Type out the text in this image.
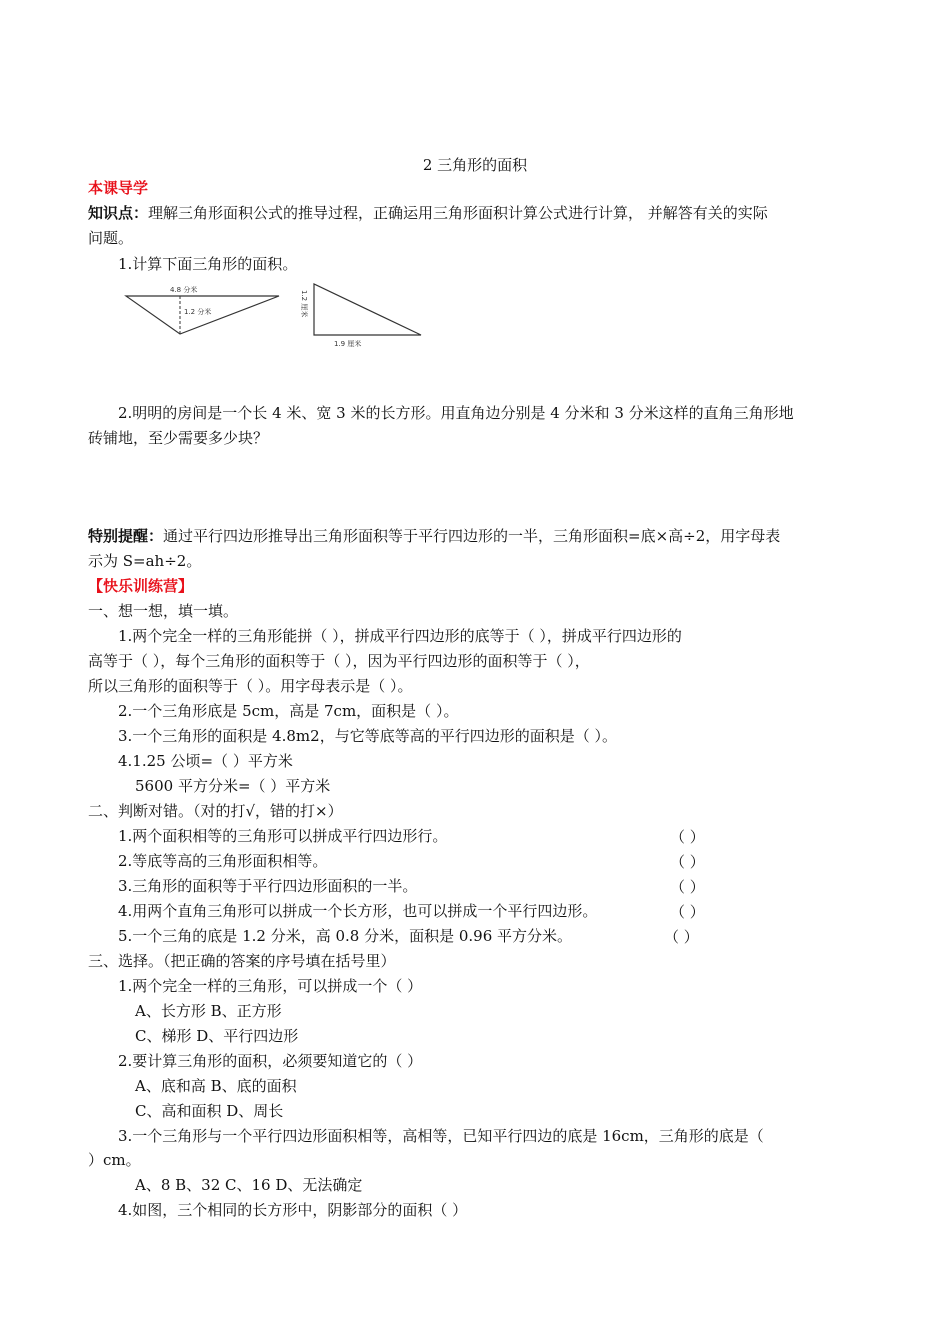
2 三角形的面积
本课导学
知识点：理解三角形面积公式的推导过程，正确运用三角形面积计算公式进行计算， 并解答有关的实际
问题。
1.计算下面三角形的面积。
4.8 分米
1.2 分米	1.2 厘米
1.9 厘米
2.明明的房间是一个长 4 米、宽 3 米的长方形。用直角边分别是 4 分米和 3 分米这样的直角三角形地
砖铺地，至少需要多少块？
特别提醒：通过平行四边形推导出三角形面积等于平行四边形的一半，三角形面积=底×高÷2，用字母表
示为 S=ah÷2。
【快乐训练营】
一、想一想，填一填。
1.两个完全一样的三角形能拼（ ），拼成平行四边形的底等于（ ），拼成平行四边形的
高等于（ ），每个三角形的面积等于（ ），因为平行四边形的面积等于（ ），
所以三角形的面积等于（ ）。用字母表示是（ ）。
2.一个三角形底是 5cm，高是 7cm，面积是（ ）。
3.一个三角形的面积是 4.8m2，与它等底等高的平行四边形的面积是（ ）。
4.1.25 公顷=（ ）平方米
5600 平方分米=（ ）平方米
二、判断对错。（对的打√，错的打×）
1.两个面积相等的三角形可以拼成平行四边形行。	（ ）
2.等底等高的三角形面积相等。	（ ）
3.三角形的面积等于平行四边形面积的一半。	（ ）
4.用两个直角三角形可以拼成一个长方形，也可以拼成一个平行四边形。	（ ）
5.一个三角的底是 1.2 分米，高 0.8 分米，面积是 0.96 平方分米。	（ ）
三、选择。（把正确的答案的序号填在括号里）
1.两个完全一样的三角形，可以拼成一个（ ）
A、长方形 B、正方形
C、梯形 D、平行四边形
2.要计算三角形的面积，必须要知道它的（ ）
A、底和高 B、底的面积
C、高和面积 D、周长
3.一个三角形与一个平行四边形面积相等，高相等，已知平行四边的底是 16cm，三角形的底是（
）cm。
A、8 B、32 C、16 D、无法确定
4.如图，三个相同的长方形中，阴影部分的面积（ ）
